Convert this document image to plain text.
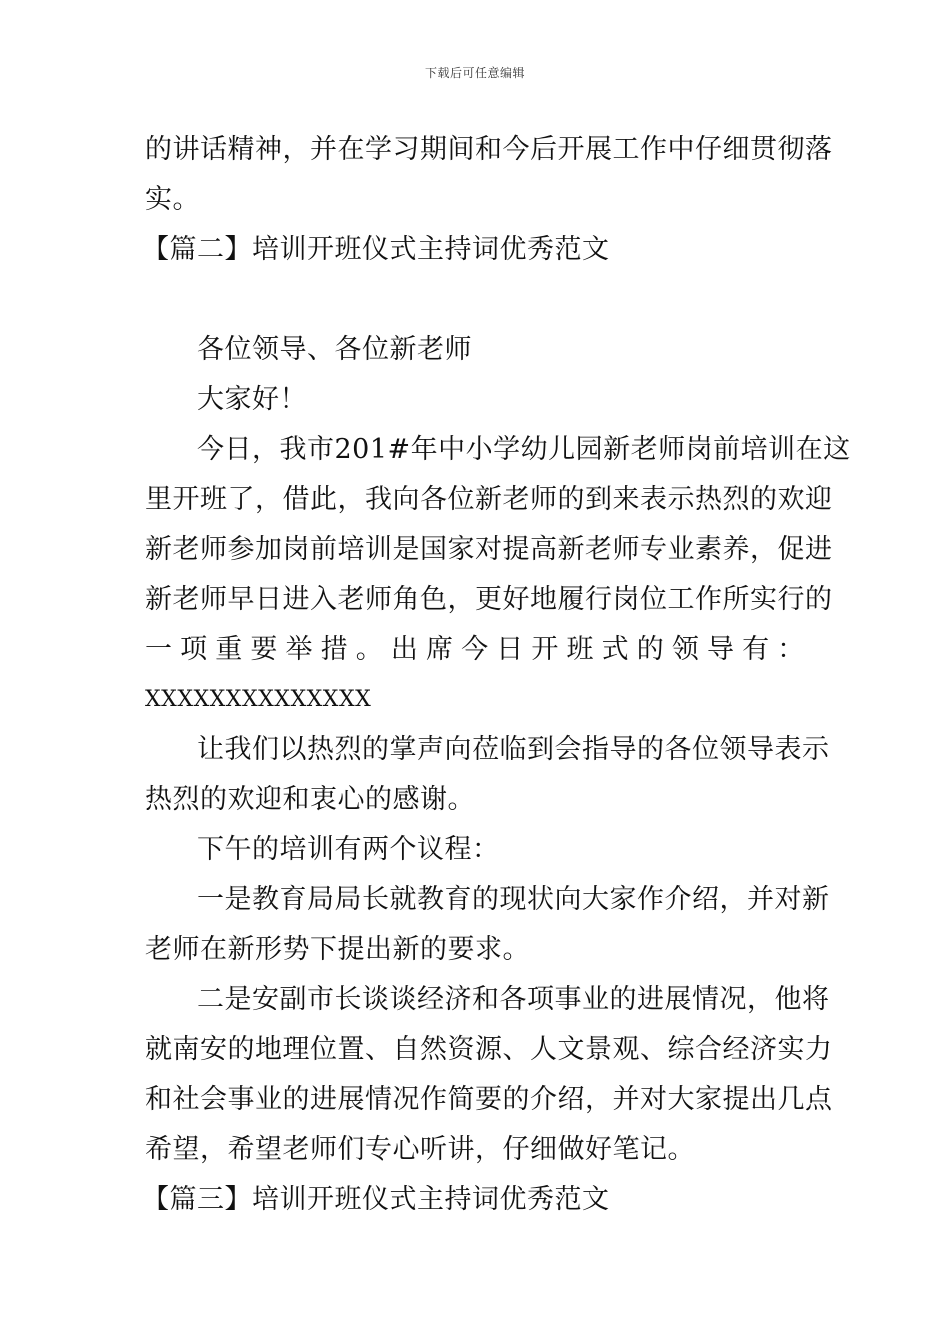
下载后可任意编辑
的讲话精神，并在学习期间和今后开展工作中仔细贯彻落
实。
【篇二】培训开班仪式主持词优秀范文
各位领导、各位新老师
大家好！
今日，我市201#年中小学幼儿园新老师岗前培训在这
里开班了，借此，我向各位新老师的到来表示热烈的欢迎
新老师参加岗前培训是国家对提高新老师专业素养，促进
新老师早日进入老师角色，更好地履行岗位工作所实行的
一 项 重 要 举 措 。 出 席 今 日 开 班 式 的 领 导 有 ：
XXXXXXXXXXXXXX
让我们以热烈的掌声向莅临到会指导的各位领导表示
热烈的欢迎和衷心的感谢。
下午的培训有两个议程：
一是教育局局长就教育的现状向大家作介绍，并对新
老师在新形势下提出新的要求。
二是安副市长谈谈经济和各项事业的进展情况，他将
就南安的地理位置、自然资源、人文景观、综合经济实力
和社会事业的进展情况作简要的介绍，并对大家提出几点
希望，希望老师们专心听讲，仔细做好笔记。
【篇三】培训开班仪式主持词优秀范文
